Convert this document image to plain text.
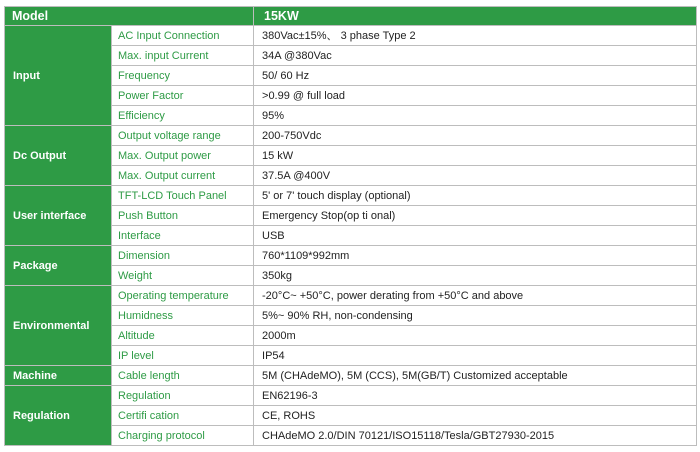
Model		15KW
Input	AC Input Connection	380Vac±15%、 3 phase Type 2
	Max. input Current	34A @380Vac
	Frequency	50/ 60 Hz
	Power Factor	>0.99 @ full load
	Efficiency	95%
Dc Output	Output voltage range	200-750Vdc
	Max. Output power	15 kW
	Max. Output current	37.5A @400V
User interface	TFT-LCD Touch Panel	5' or 7' touch display (optional)
	Push Button	Emergency Stop(op ti onal)
	Interface	USB
Package	Dimension	760*1109*992mm
	Weight	350kg
Environmental	Operating temperature	-20°C~ +50°C, power derating from +50°C and above
	Humidness	5%~ 90% RH, non-condensing
	Altitude	2000m
	IP level	IP54
Machine	Cable length	5M (CHAdeMO), 5M (CCS), 5M(GB/T) Customized acceptable
Regulation	Regulation	EN62196-3
	Certifi cation	CE, ROHS
	Charging protocol	CHAdeMO 2.0/DIN 70121/ISO15118/Tesla/GBT27930-2015
